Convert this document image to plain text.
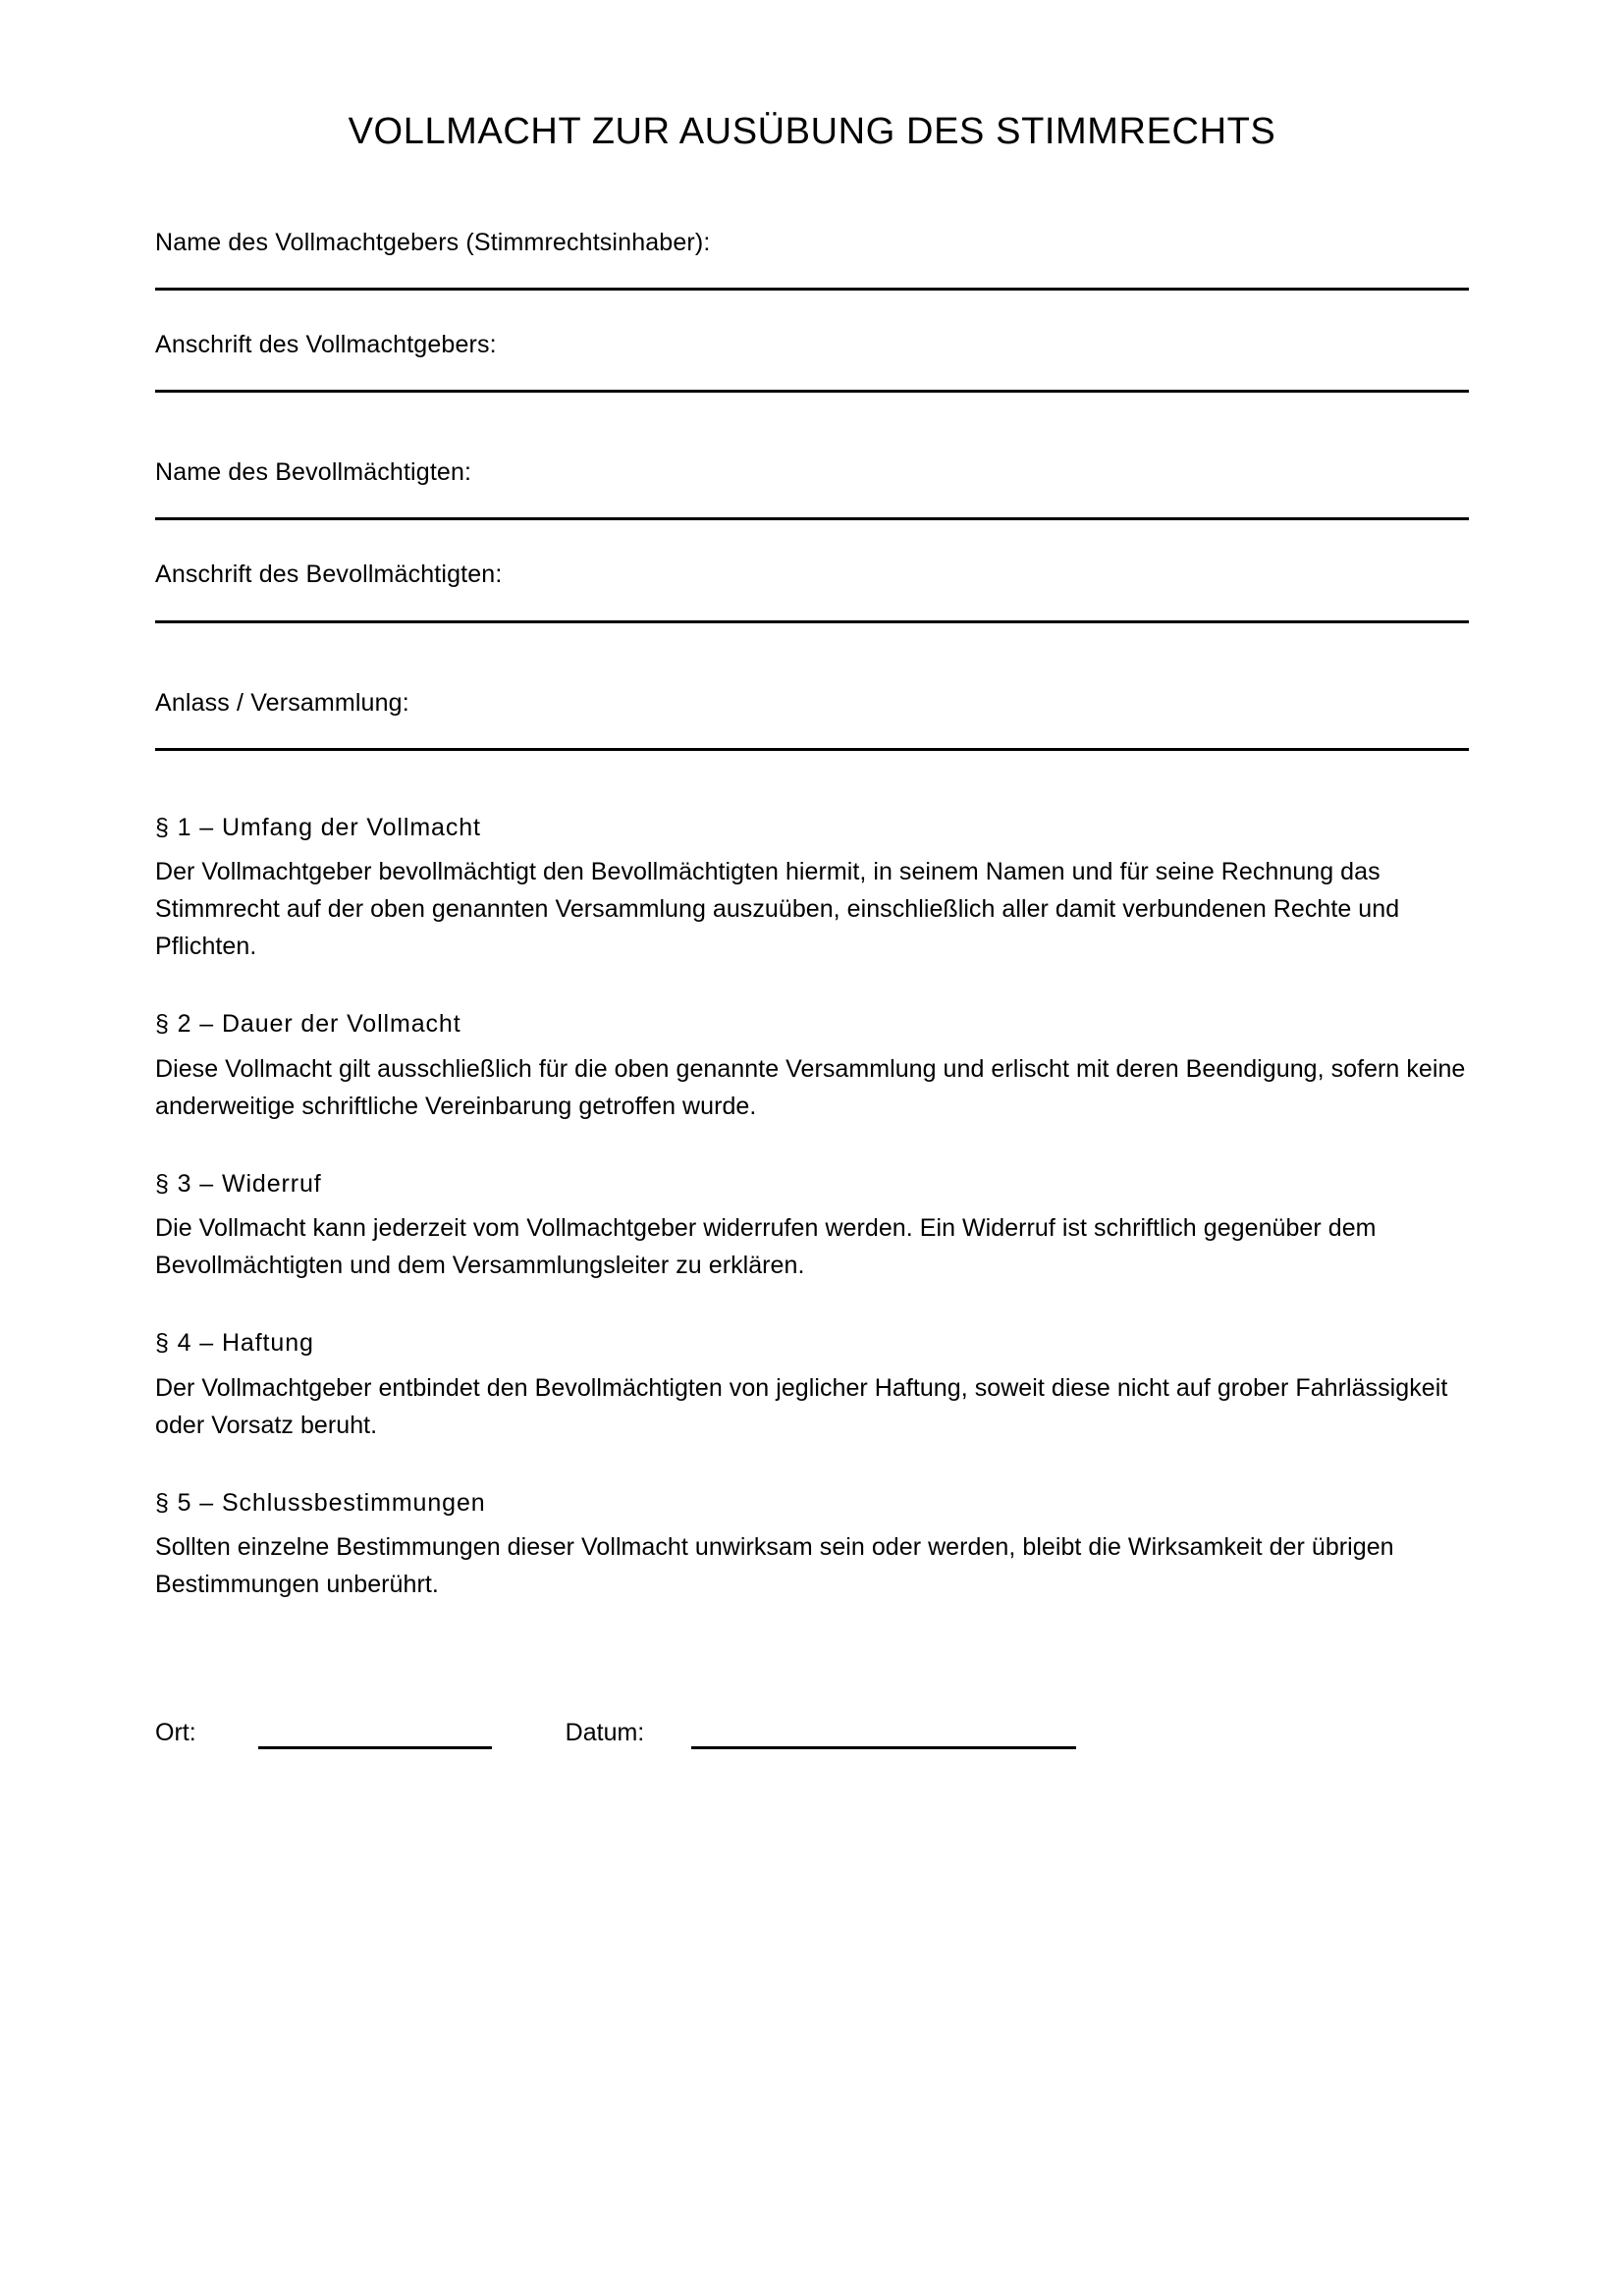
VOLLMACHT ZUR AUSÜBUNG DES STIMMRECHTS
Name des Vollmachtgebers (Stimmrechtsinhaber):
Anschrift des Vollmachtgebers:
Name des Bevollmächtigten:
Anschrift des Bevollmächtigten:
Anlass / Versammlung:
§ 1 – Umfang der Vollmacht

Der Vollmachtgeber bevollmächtigt den Bevollmächtigten hiermit, in seinem Namen und für seine Rechnung das Stimmrecht auf der oben genannten Versammlung auszuüben, einschließlich aller damit verbundenen Rechte und Pflichten.

§ 2 – Dauer der Vollmacht

Diese Vollmacht gilt ausschließlich für die oben genannte Versammlung und erlischt mit deren Beendigung, sofern keine anderweitige schriftliche Vereinbarung getroffen wurde.

§ 3 – Widerruf

Die Vollmacht kann jederzeit vom Vollmachtgeber widerrufen werden. Ein Widerruf ist schriftlich gegenüber dem Bevollmächtigten und dem Versammlungsleiter zu erklären.

§ 4 – Haftung

Der Vollmachtgeber entbindet den Bevollmächtigten von jeglicher Haftung, soweit diese nicht auf grober Fahrlässigkeit oder Vorsatz beruht.

§ 5 – Schlussbestimmungen

Sollten einzelne Bestimmungen dieser Vollmacht unwirksam sein oder werden, bleibt die Wirksamkeit der übrigen Bestimmungen unberührt.

Ort:	Datum:
